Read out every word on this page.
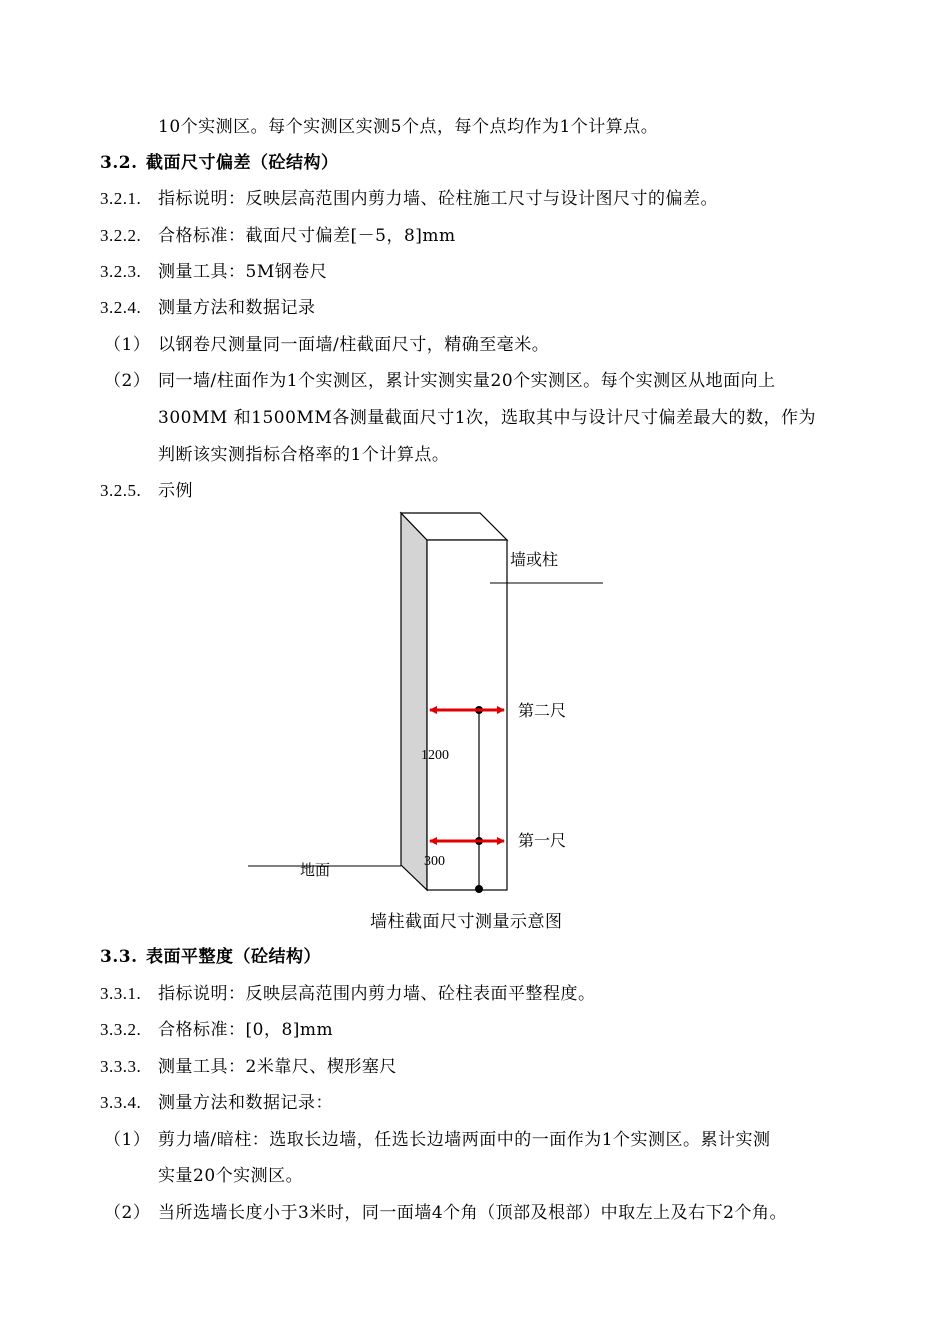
10个实测区。每个实测区实测5个点，每个点均作为1个计算点。
3.2. 截面尺寸偏差（砼结构）
3.2.1. 指标说明：反映层高范围内剪力墙、砼柱施工尺寸与设计图尺寸的偏差。
3.2.2. 合格标准：截面尺寸偏差[－5，8]mm
3.2.3. 测量工具：5M钢卷尺
3.2.4. 测量方法和数据记录
（1） 以钢卷尺测量同一面墙/柱截面尺寸，精确至毫米。
（2） 同一墙/柱面作为1个实测区，累计实测实量20个实测区。每个实测区从地面向上
300MM 和1500MM各测量截面尺寸1次，选取其中与设计尺寸偏差最大的数，作为
判断该实测指标合格率的1个计算点。
3.2.5. 示例
墙或柱
第二尺
第一尺
1200
300
地面
墙柱截面尺寸测量示意图
3.3. 表面平整度（砼结构）
3.3.1. 指标说明：反映层高范围内剪力墙、砼柱表面平整程度。
3.3.2. 合格标准：[0，8]mm
3.3.3. 测量工具：2米靠尺、楔形塞尺
3.3.4. 测量方法和数据记录：
（1） 剪力墙/暗柱：选取长边墙，任选长边墙两面中的一面作为1个实测区。累计实测
实量20个实测区。
（2） 当所选墙长度小于3米时，同一面墙4个角（顶部及根部）中取左上及右下2个角。
